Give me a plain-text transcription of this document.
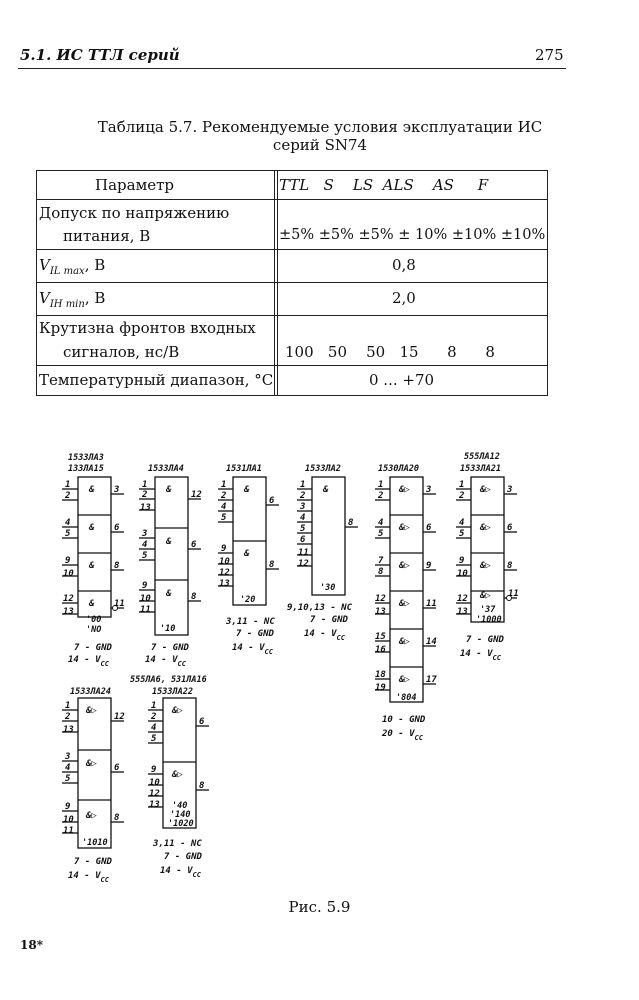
5.1. ИС ТТЛ серий	275
Таблица 5.7. Рекомендуемые условия эксплуатации ИС
серий SN74
Параметр	TTL   S    LS  ALS    AS     F
Допуск по напряжению
питания, В	±5% ±5% ±5% ± 10% ±10% ±10%
$V_{IL max}$, В	0,8
$V_{IH min}$, В	2,0
Крутизна фронтов входных
сигналов, нс/В	100   50    50   15      8      8
Температурный диапазон, °C	0 ... +70
1533ЛА3
133ЛА15
&
&
&
&
1
2
3
4
5
6
9
10
8
12
13
11
'00
'NO
7 - GND
$14 - V_{CC}$
1533ЛА4
&
&
&
1
2
13
12
3
4
5
6
9
10
11
8
'10
7 - GND
$14 - V_{CC}$
1531ЛА1
&
&
1
2
4
5
6
9
10
12
13
8
'20
3,11 - NC
7 - GND
$14 - V_{CC}$
1533ЛА2
&
1
2
3
4
5
6
11
12
8
'30
9,10,13 - NC
7 - GND
$14 - V_{CC}$
1530ЛА20
&▷
&▷
&▷
&▷
&▷
&▷
1
2
3
4
5
6
7
8
9
12
13
11
15
16
14
18
19
17
'804
10 - GND
$20 - V_{CC}$
555ЛА12
1533ЛА21
&▷
&▷
&▷
&▷
1
2
3
4
5
6
9
10
8
12
13
11
'37
'1000
7 - GND
$14 - V_{CC}$
1533ЛА24
&▷
&▷
&▷
1
2
13
12
3
4
5
6
9
10
11
8
'1010
7 - GND
$14 - V_{CC}$
555ЛА6, 531ЛА16
1533ЛА22
&▷
&▷
1
2
4
5
6
9
10
12
13
8
'40
'140
'1020
3,11 - NC
7 - GND
$14 - V_{CC}$
Рис. 5.9
18*
